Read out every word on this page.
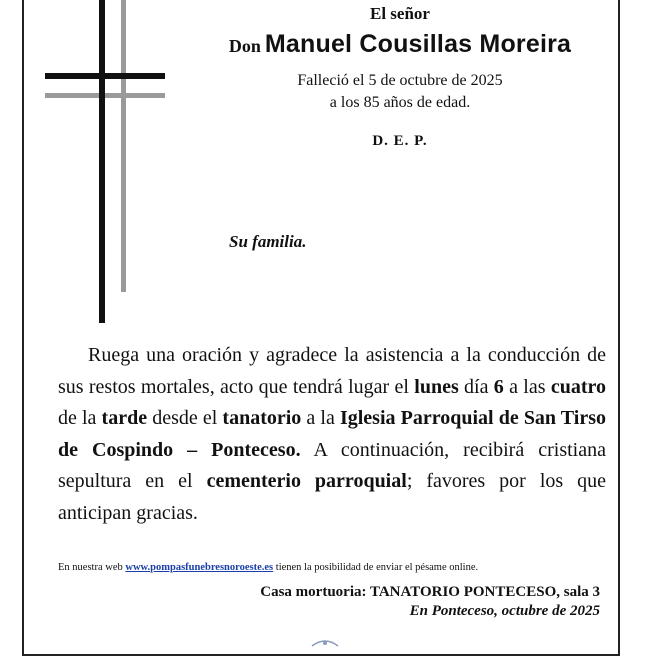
El señor
Don Manuel Cousillas Moreira
Falleció el 5 de octubre de 2025
a los 85 años de edad.
D. E. P.
Su familia.
Ruega una oración y agradece la asistencia a la conducción de sus restos mortales, acto que tendrá lugar el lunes día 6 a las cuatro de la tarde desde el tanatorio a la Iglesia Parroquial de San Tirso de Cospindo – Ponteceso. A continuación, recibirá cristiana sepultura en el cementerio parroquial; favores por los que anticipan gracias.
En nuestra web www.pompasfunebresnoroeste.es tienen la posibilidad de enviar el pésame online.
Casa mortuoria: TANATORIO PONTECESO, sala 3
En Ponteceso, octubre de 2025
